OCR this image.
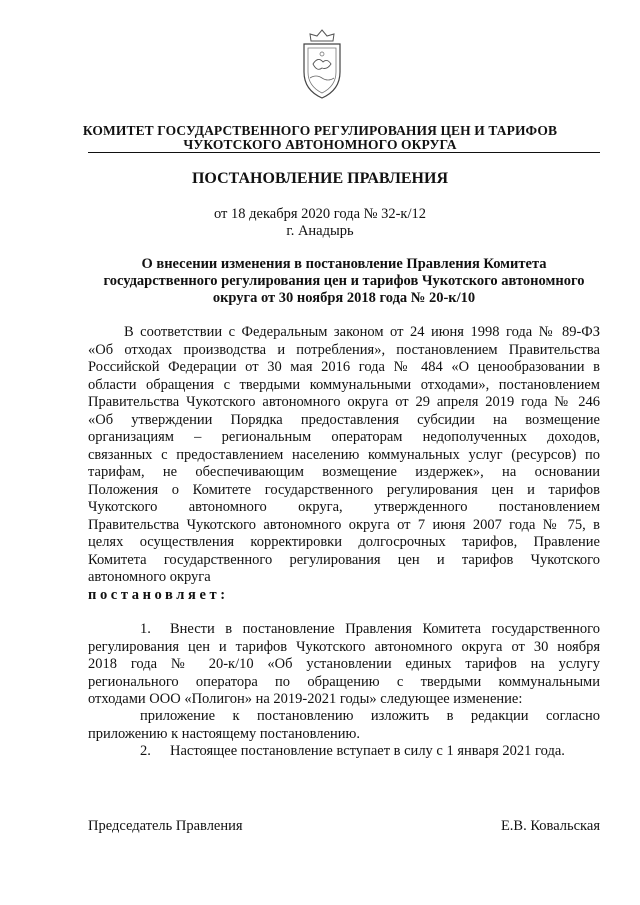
КОМИТЕТ ГОСУДАРСТВЕННОГО РЕГУЛИРОВАНИЯ ЦЕН И ТАРИФОВ
ЧУКОТСКОГО АВТОНОМНОГО ОКРУГА
ПОСТАНОВЛЕНИЕ ПРАВЛЕНИЯ
от 18 декабря 2020 года № 32-к/12
г. Анадырь
О внесении изменения в постановление Правления Комитета
государственного регулирования цен и тарифов Чукотского автономного
округа от 30 ноября 2018 года № 20-к/10
В соответствии с Федеральным законом от 24 июня 1998 года № 89-ФЗ
«Об отходах производства и потребления», постановлением Правительства
Российской Федерации от 30 мая 2016 года № 484 «О ценообразовании в
области обращения с твердыми коммунальными отходами», постановлением
Правительства Чукотского автономного округа от 29 апреля 2019 года № 246
«Об утверждении Порядка предоставления субсидии на возмещение
организациям – региональным операторам недополученных доходов,
связанных с предоставлением населению коммунальных услуг (ресурсов) по
тарифам, не обеспечивающим возмещение издержек», на основании
Положения о Комитете государственного регулирования цен и тарифов
Чукотского автономного округа, утвержденного постановлением
Правительства Чукотского автономного округа от 7 июня 2007 года № 75, в
целях осуществления корректировки долгосрочных тарифов, Правление
Комитета государственного регулирования цен и тарифов Чукотского
автономного округа
постановляет:
1.	Внести в постановление Правления Комитета государственного
регулирования цен и тарифов Чукотского автономного округа от 30 ноября
2018 года № 20-к/10 «Об установлении единых тарифов на услугу
регионального оператора по обращению с твердыми коммунальными
отходами ООО «Полигон» на 2019-2021 годы» следующее изменение:
приложение к постановлению изложить в редакции согласно
приложению к настоящему постановлению.
2. Настоящее постановление вступает в силу с 1 января 2021 года.
Председатель Правления	Е.В. Ковальская
